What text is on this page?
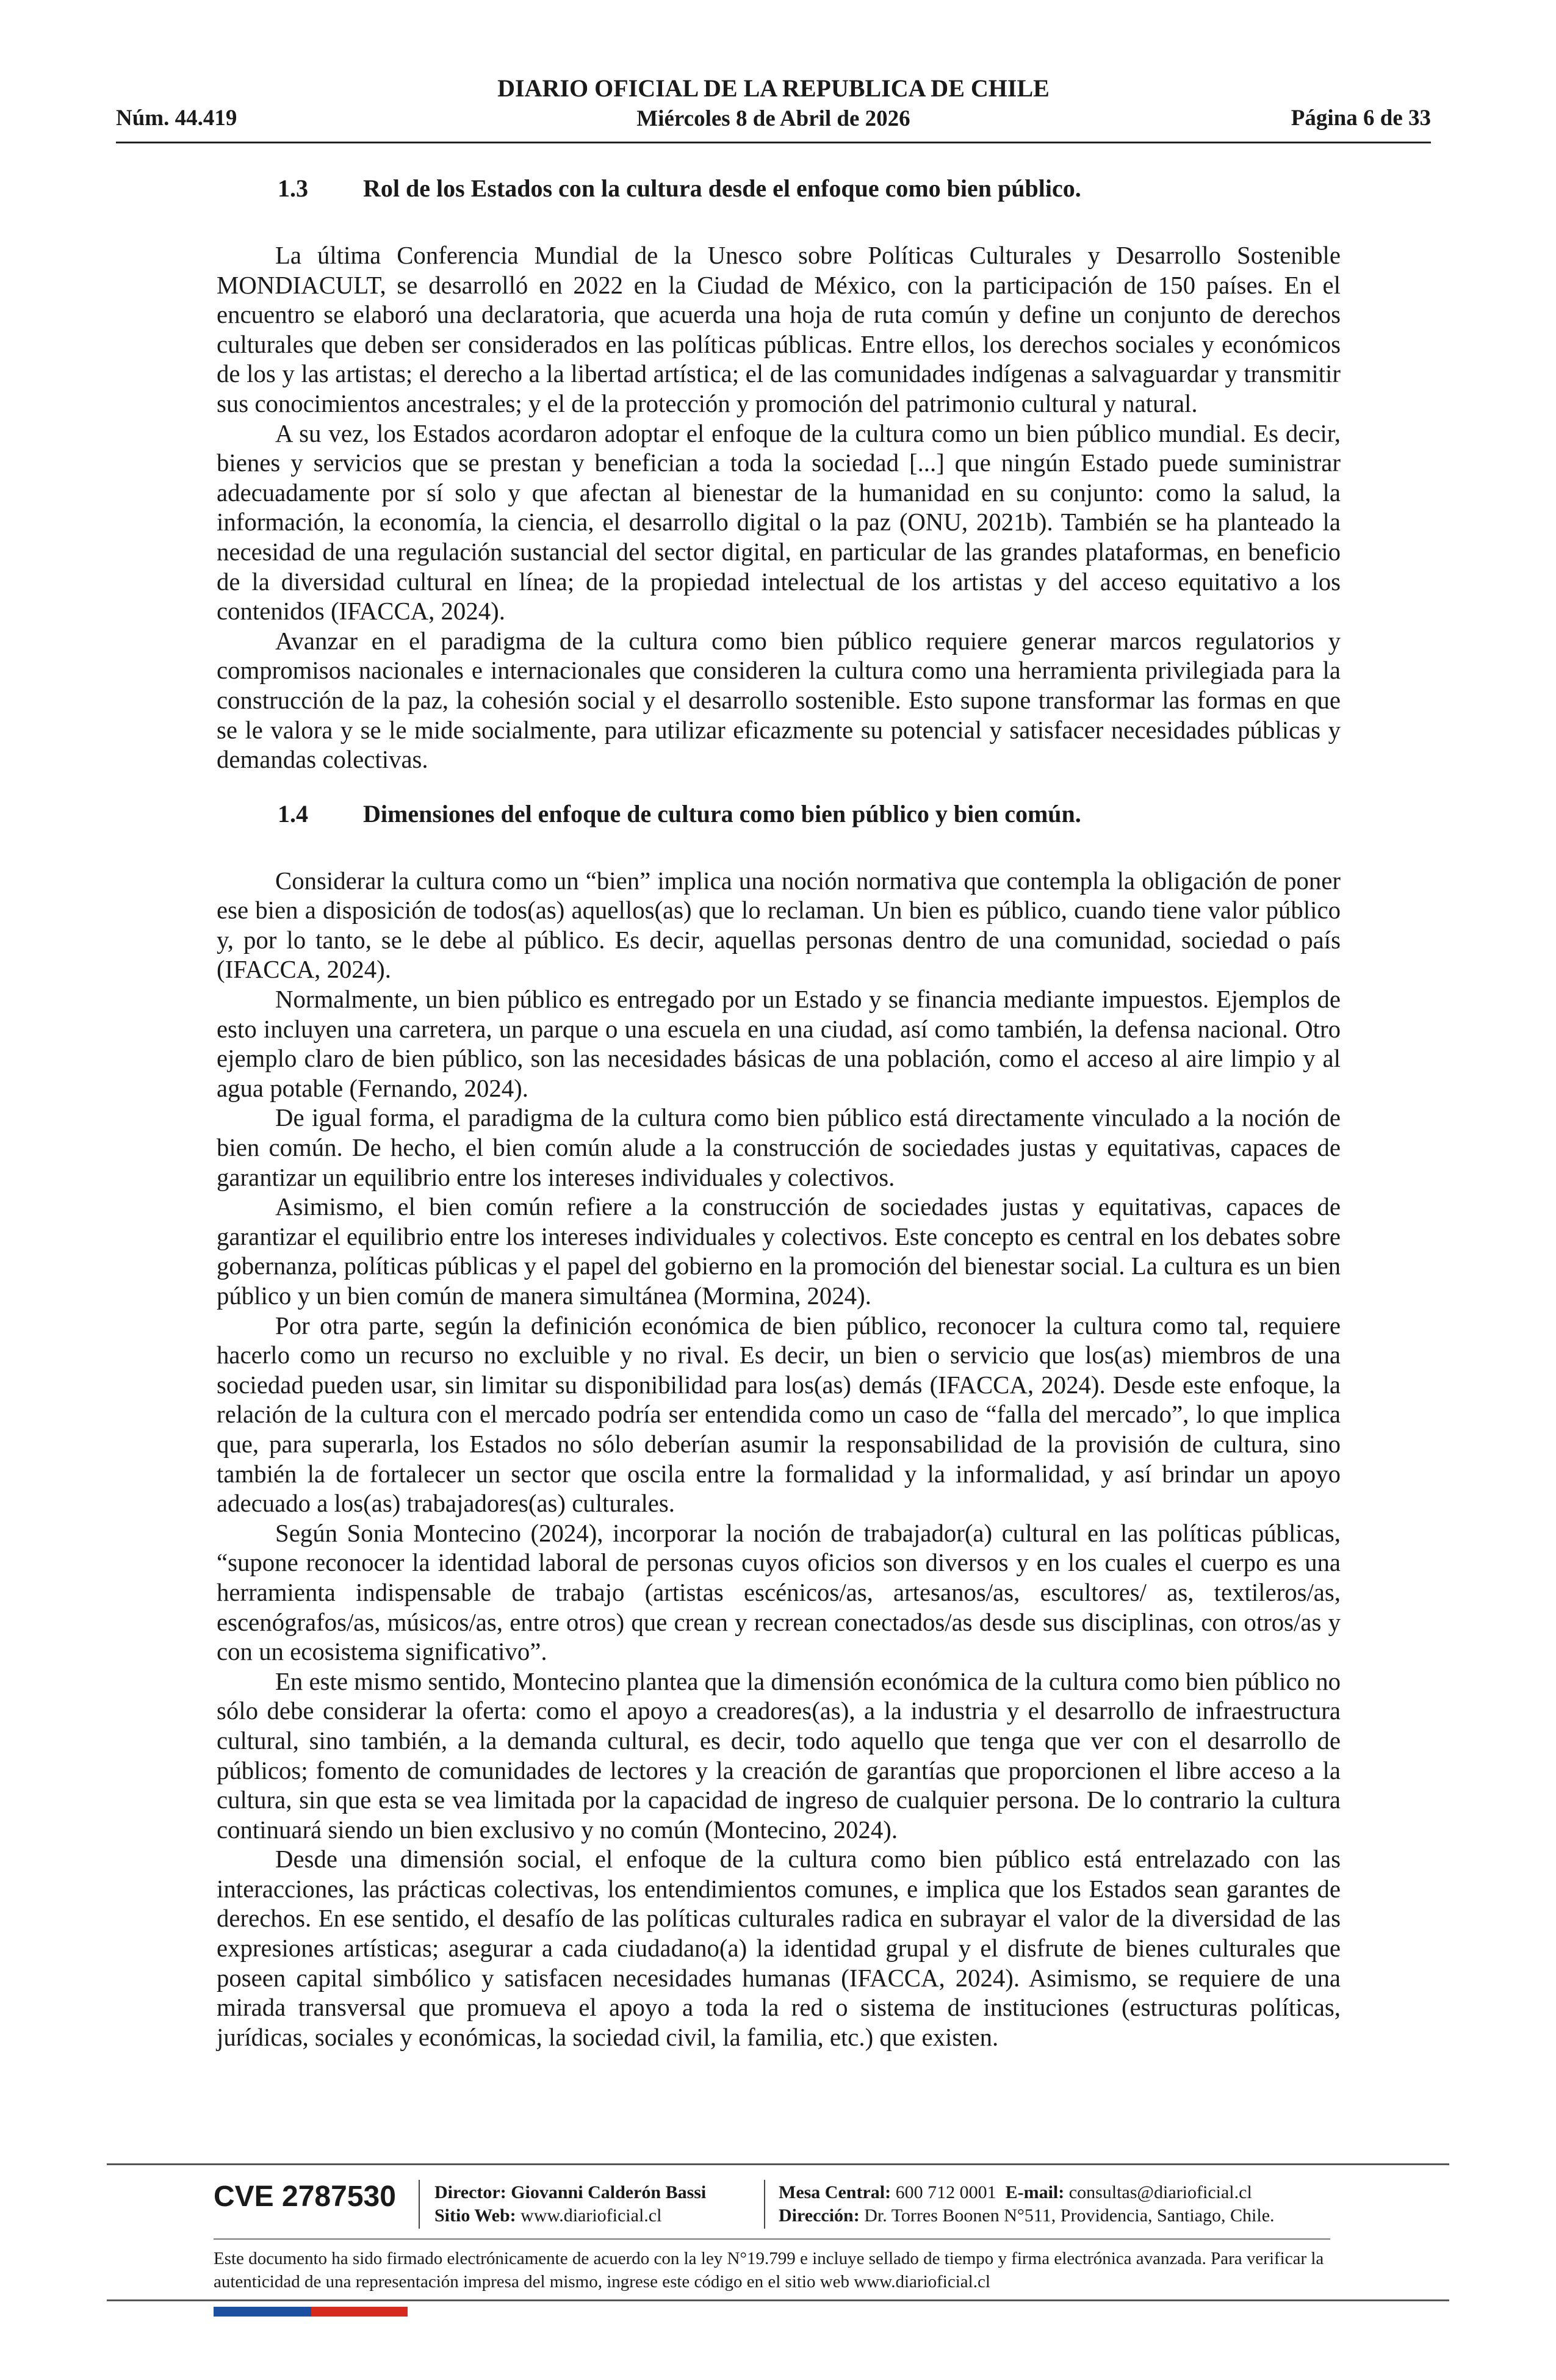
Núm. 44.419
DIARIO OFICIAL DE LA REPUBLICA DE CHILE
Miércoles 8 de Abril de 2026	Página 6 de 33
1.3 Rol de los Estados con la cultura desde el enfoque como bien público.

La última Conferencia Mundial de la Unesco sobre Políticas Culturales y Desarrollo Sostenible MONDIACULT, se desarrolló en 2022 en la Ciudad de México, con la participación de 150 países. En el encuentro se elaboró una declaratoria, que acuerda una hoja de ruta común y define un conjunto de derechos culturales que deben ser considerados en las políticas públicas. Entre ellos, los derechos sociales y económicos de los y las artistas; el derecho a la libertad artística; el de las comunidades indígenas a salvaguardar y transmitir sus conocimientos ancestrales; y el de la protección y promoción del patrimonio cultural y natural.

A su vez, los Estados acordaron adoptar el enfoque de la cultura como un bien público mundial. Es decir, bienes y servicios que se prestan y benefician a toda la sociedad [...] que ningún Estado puede suministrar adecuadamente por sí solo y que afectan al bienestar de la humanidad en su conjunto: como la salud, la información, la economía, la ciencia, el desarrollo digital o la paz (ONU, 2021b). También se ha planteado la necesidad de una regulación sustancial del sector digital, en particular de las grandes plataformas, en beneficio de la diversidad cultural en línea; de la propiedad intelectual de los artistas y del acceso equitativo a los contenidos (IFACCA, 2024).

Avanzar en el paradigma de la cultura como bien público requiere generar marcos regulatorios y compromisos nacionales e internacionales que consideren la cultura como una herramienta privilegiada para la construcción de la paz, la cohesión social y el desarrollo sostenible. Esto supone transformar las formas en que se le valora y se le mide socialmente, para utilizar eficazmente su potencial y satisfacer necesidades públicas y demandas colectivas.

1.4 Dimensiones del enfoque de cultura como bien público y bien común.

Considerar la cultura como un “bien” implica una noción normativa que contempla la obligación de poner ese bien a disposición de todos(as) aquellos(as) que lo reclaman. Un bien es público, cuando tiene valor público y, por lo tanto, se le debe al público. Es decir, aquellas personas dentro de una comunidad, sociedad o país (IFACCA, 2024).

Normalmente, un bien público es entregado por un Estado y se financia mediante impuestos. Ejemplos de esto incluyen una carretera, un parque o una escuela en una ciudad, así como también, la defensa nacional. Otro ejemplo claro de bien público, son las necesidades básicas de una población, como el acceso al aire limpio y al agua potable (Fernando, 2024).

De igual forma, el paradigma de la cultura como bien público está directamente vinculado a la noción de bien común. De hecho, el bien común alude a la construcción de sociedades justas y equitativas, capaces de garantizar un equilibrio entre los intereses individuales y colectivos.

Asimismo, el bien común refiere a la construcción de sociedades justas y equitativas, capaces de garantizar el equilibrio entre los intereses individuales y colectivos. Este concepto es central en los debates sobre gobernanza, políticas públicas y el papel del gobierno en la promoción del bienestar social. La cultura es un bien público y un bien común de manera simultánea (Mormina, 2024).

Por otra parte, según la definición económica de bien público, reconocer la cultura como tal, requiere hacerlo como un recurso no excluible y no rival. Es decir, un bien o servicio que los(as) miembros de una sociedad pueden usar, sin limitar su disponibilidad para los(as) demás (IFACCA, 2024). Desde este enfoque, la relación de la cultura con el mercado podría ser entendida como un caso de “falla del mercado”, lo que implica que, para superarla, los Estados no sólo deberían asumir la responsabilidad de la provisión de cultura, sino también la de fortalecer un sector que oscila entre la formalidad y la informalidad, y así brindar un apoyo adecuado a los(as) trabajadores(as) culturales.

Según Sonia Montecino (2024), incorporar la noción de trabajador(a) cultural en las políticas públicas, “supone reconocer la identidad laboral de personas cuyos oficios son diversos y en los cuales el cuerpo es una herramienta indispensable de trabajo (artistas escénicos/as, artesanos/as, escultores/ as, textileros/as, escenógrafos/as, músicos/as, entre otros) que crean y recrean conectados/as desde sus disciplinas, con otros/as y con un ecosistema significativo”.

En este mismo sentido, Montecino plantea que la dimensión económica de la cultura como bien público no sólo debe considerar la oferta: como el apoyo a creadores(as), a la industria y el desarrollo de infraestructura cultural, sino también, a la demanda cultural, es decir, todo aquello que tenga que ver con el desarrollo de públicos; fomento de comunidades de lectores y la creación de garantías que proporcionen el libre acceso a la cultura, sin que esta se vea limitada por la capacidad de ingreso de cualquier persona. De lo contrario la cultura continuará siendo un bien exclusivo y no común (Montecino, 2024).

Desde una dimensión social, el enfoque de la cultura como bien público está entrelazado con las interacciones, las prácticas colectivas, los entendimientos comunes, e implica que los Estados sean garantes de derechos. En ese sentido, el desafío de las políticas culturales radica en subrayar el valor de la diversidad de las expresiones artísticas; asegurar a cada ciudadano(a) la identidad grupal y el disfrute de bienes culturales que poseen capital simbólico y satisfacen necesidades humanas (IFACCA, 2024). Asimismo, se requiere de una mirada transversal que promueva el apoyo a toda la red o sistema de instituciones (estructuras políticas, jurídicas, sociales y económicas, la sociedad civil, la familia, etc.) que existen.

CVE 2787530 Director: Giovanni Calderón Bassi
Sitio Web: www.diarioficial.cl
Mesa Central: 600 712 0001 E-mail: consultas@diarioficial.cl
Dirección: Dr. Torres Boonen N°511, Providencia, Santiago, Chile.
Este documento ha sido firmado electrónicamente de acuerdo con la ley N°19.799 e incluye sellado de tiempo y firma electrónica avanzada. Para verificar la autenticidad de una representación impresa del mismo, ingrese este código en el sitio web www.diarioficial.cl
